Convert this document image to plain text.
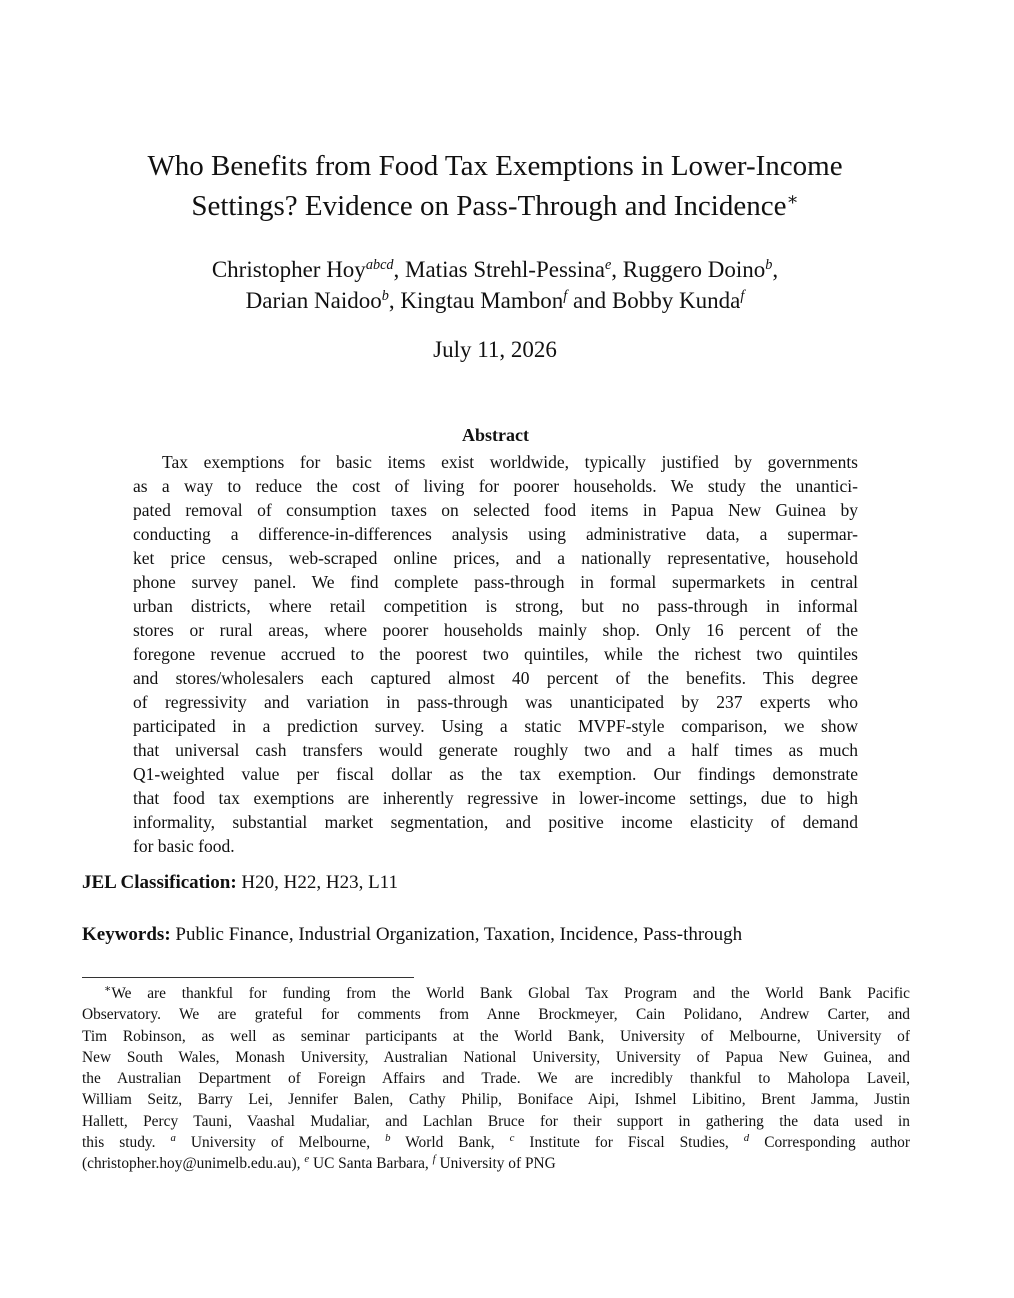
Who Benefits from Food Tax Exemptions in Lower-Income
Settings? Evidence on Pass-Through and Incidence∗
Christopher Hoy$^{abcd}$, Matias Strehl-Pessina$^e$, Ruggero Doino$^b$,
Darian Naidoo$^b$, Kingtau Mambon$^f$ and Bobby Kunda$^f$
July 11, 2026
Abstract
Tax exemptions for basic items exist worldwide, typically justified by governments
as a way to reduce the cost of living for poorer households. We study the unantici-
pated removal of consumption taxes on selected food items in Papua New Guinea by
conducting a difference-in-differences analysis using administrative data, a supermar-
ket price census, web-scraped online prices, and a nationally representative, household
phone survey panel. We find complete pass-through in formal supermarkets in central
urban districts, where retail competition is strong, but no pass-through in informal
stores or rural areas, where poorer households mainly shop. Only 16 percent of the
foregone revenue accrued to the poorest two quintiles, while the richest two quintiles
and stores/wholesalers each captured almost 40 percent of the benefits. This degree
of regressivity and variation in pass-through was unanticipated by 237 experts who
participated in a prediction survey. Using a static MVPF-style comparison, we show
that universal cash transfers would generate roughly two and a half times as much
Q1-weighted value per fiscal dollar as the tax exemption. Our findings demonstrate
that food tax exemptions are inherently regressive in lower-income settings, due to high
informality, substantial market segmentation, and positive income elasticity of demand
for basic food.
JEL Classification: H20, H22, H23, L11
Keywords: Public Finance, Industrial Organization, Taxation, Incidence, Pass-through
∗We are thankful for funding from the World Bank Global Tax Program and the World Bank Pacific
Observatory. We are grateful for comments from Anne Brockmeyer, Cain Polidano, Andrew Carter, and
Tim Robinson, as well as seminar participants at the World Bank, University of Melbourne, University of
New South Wales, Monash University, Australian National University, University of Papua New Guinea, and
the Australian Department of Foreign Affairs and Trade. We are incredibly thankful to Maholopa Laveil,
William Seitz, Barry Lei, Jennifer Balen, Cathy Philip, Boniface Aipi, Ishmel Libitino, Brent Jamma, Justin
Hallett, Percy Tauni, Vaashal Mudaliar, and Lachlan Bruce for their support in gathering the data used in
this study. $^a$ University of Melbourne, $^b$ World Bank, $^c$ Institute for Fiscal Studies, $^d$ Corresponding author
(christopher.hoy@unimelb.edu.au), $^e$ UC Santa Barbara, $^f$ University of PNG
